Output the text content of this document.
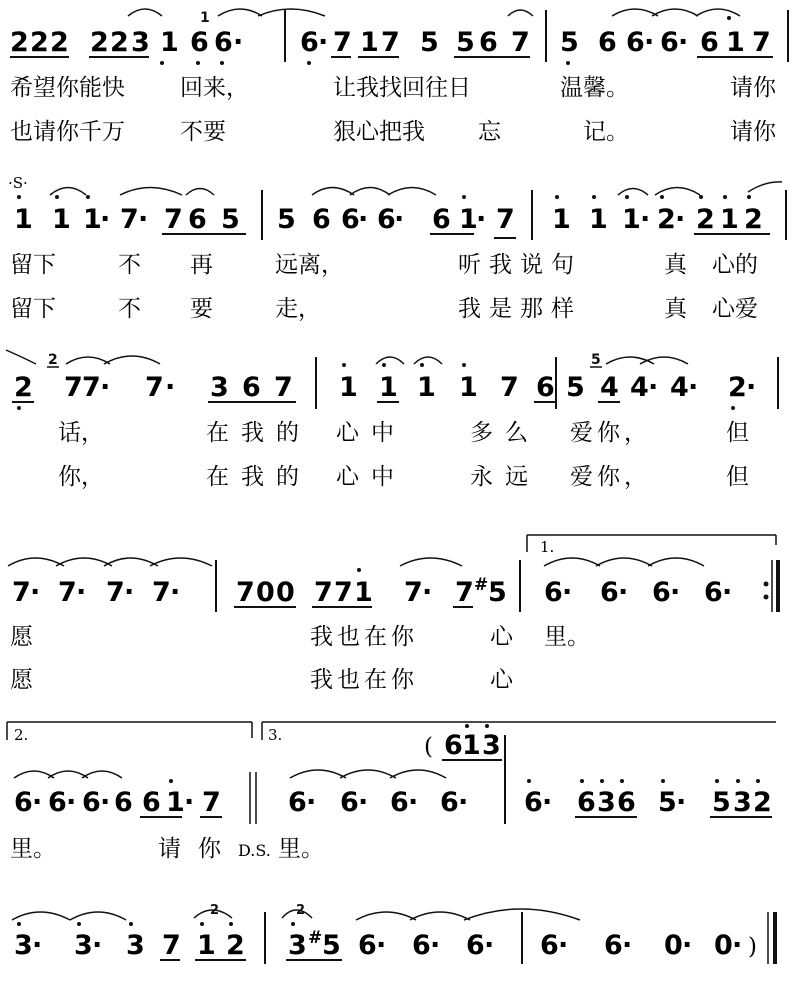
2 2 2 2 2 3 1 6 6 · 6 · 7 1 7 5 5 6 7 5 6 6 · 6 · 6 1 7
1
希望你能快 回来，	让我找回往日	温馨。	请你
也请你千万 不要	狠心把我 忘	记。	请你
·S·
1 1 1
· 7 · 7 6 5 5 6 6
· 6
· 6 1
· 7 1 1 1 · 2 · 2 1 2
留下	不 再	远离，	听我说句	真 心的
留下	不 要	走，	我是那样	真 心爱
2 7 7 · 7 · 3 6 7 1 1 1 1 7 6 5 4 4 · 4 · 2 ·
2	5
话，	在我的 心中	多么 爱你，	但
你，	在我的 心中	永远 爱你，	但
7 · 7 · 7 · 7 · 7 0 0 7 7 1 7 · 7 # 5 6 · 6 · 6 · 6 ·
1.
愿	我也在你	心 里。
愿	我也在你	心
2.	3.	( 6 1 3
6 · 6 · 6 · 6 6 1 · 7 6 · 6 · 6 · 6 · 6 · 6 3 6 5 · 5 3 2
里。	请 你 D.S. 里。
3 · 3 · 3 7 1 2 3 # 5 6 · 6 · 6 · 6 · 6 · 0 · 0 · )
2	2
